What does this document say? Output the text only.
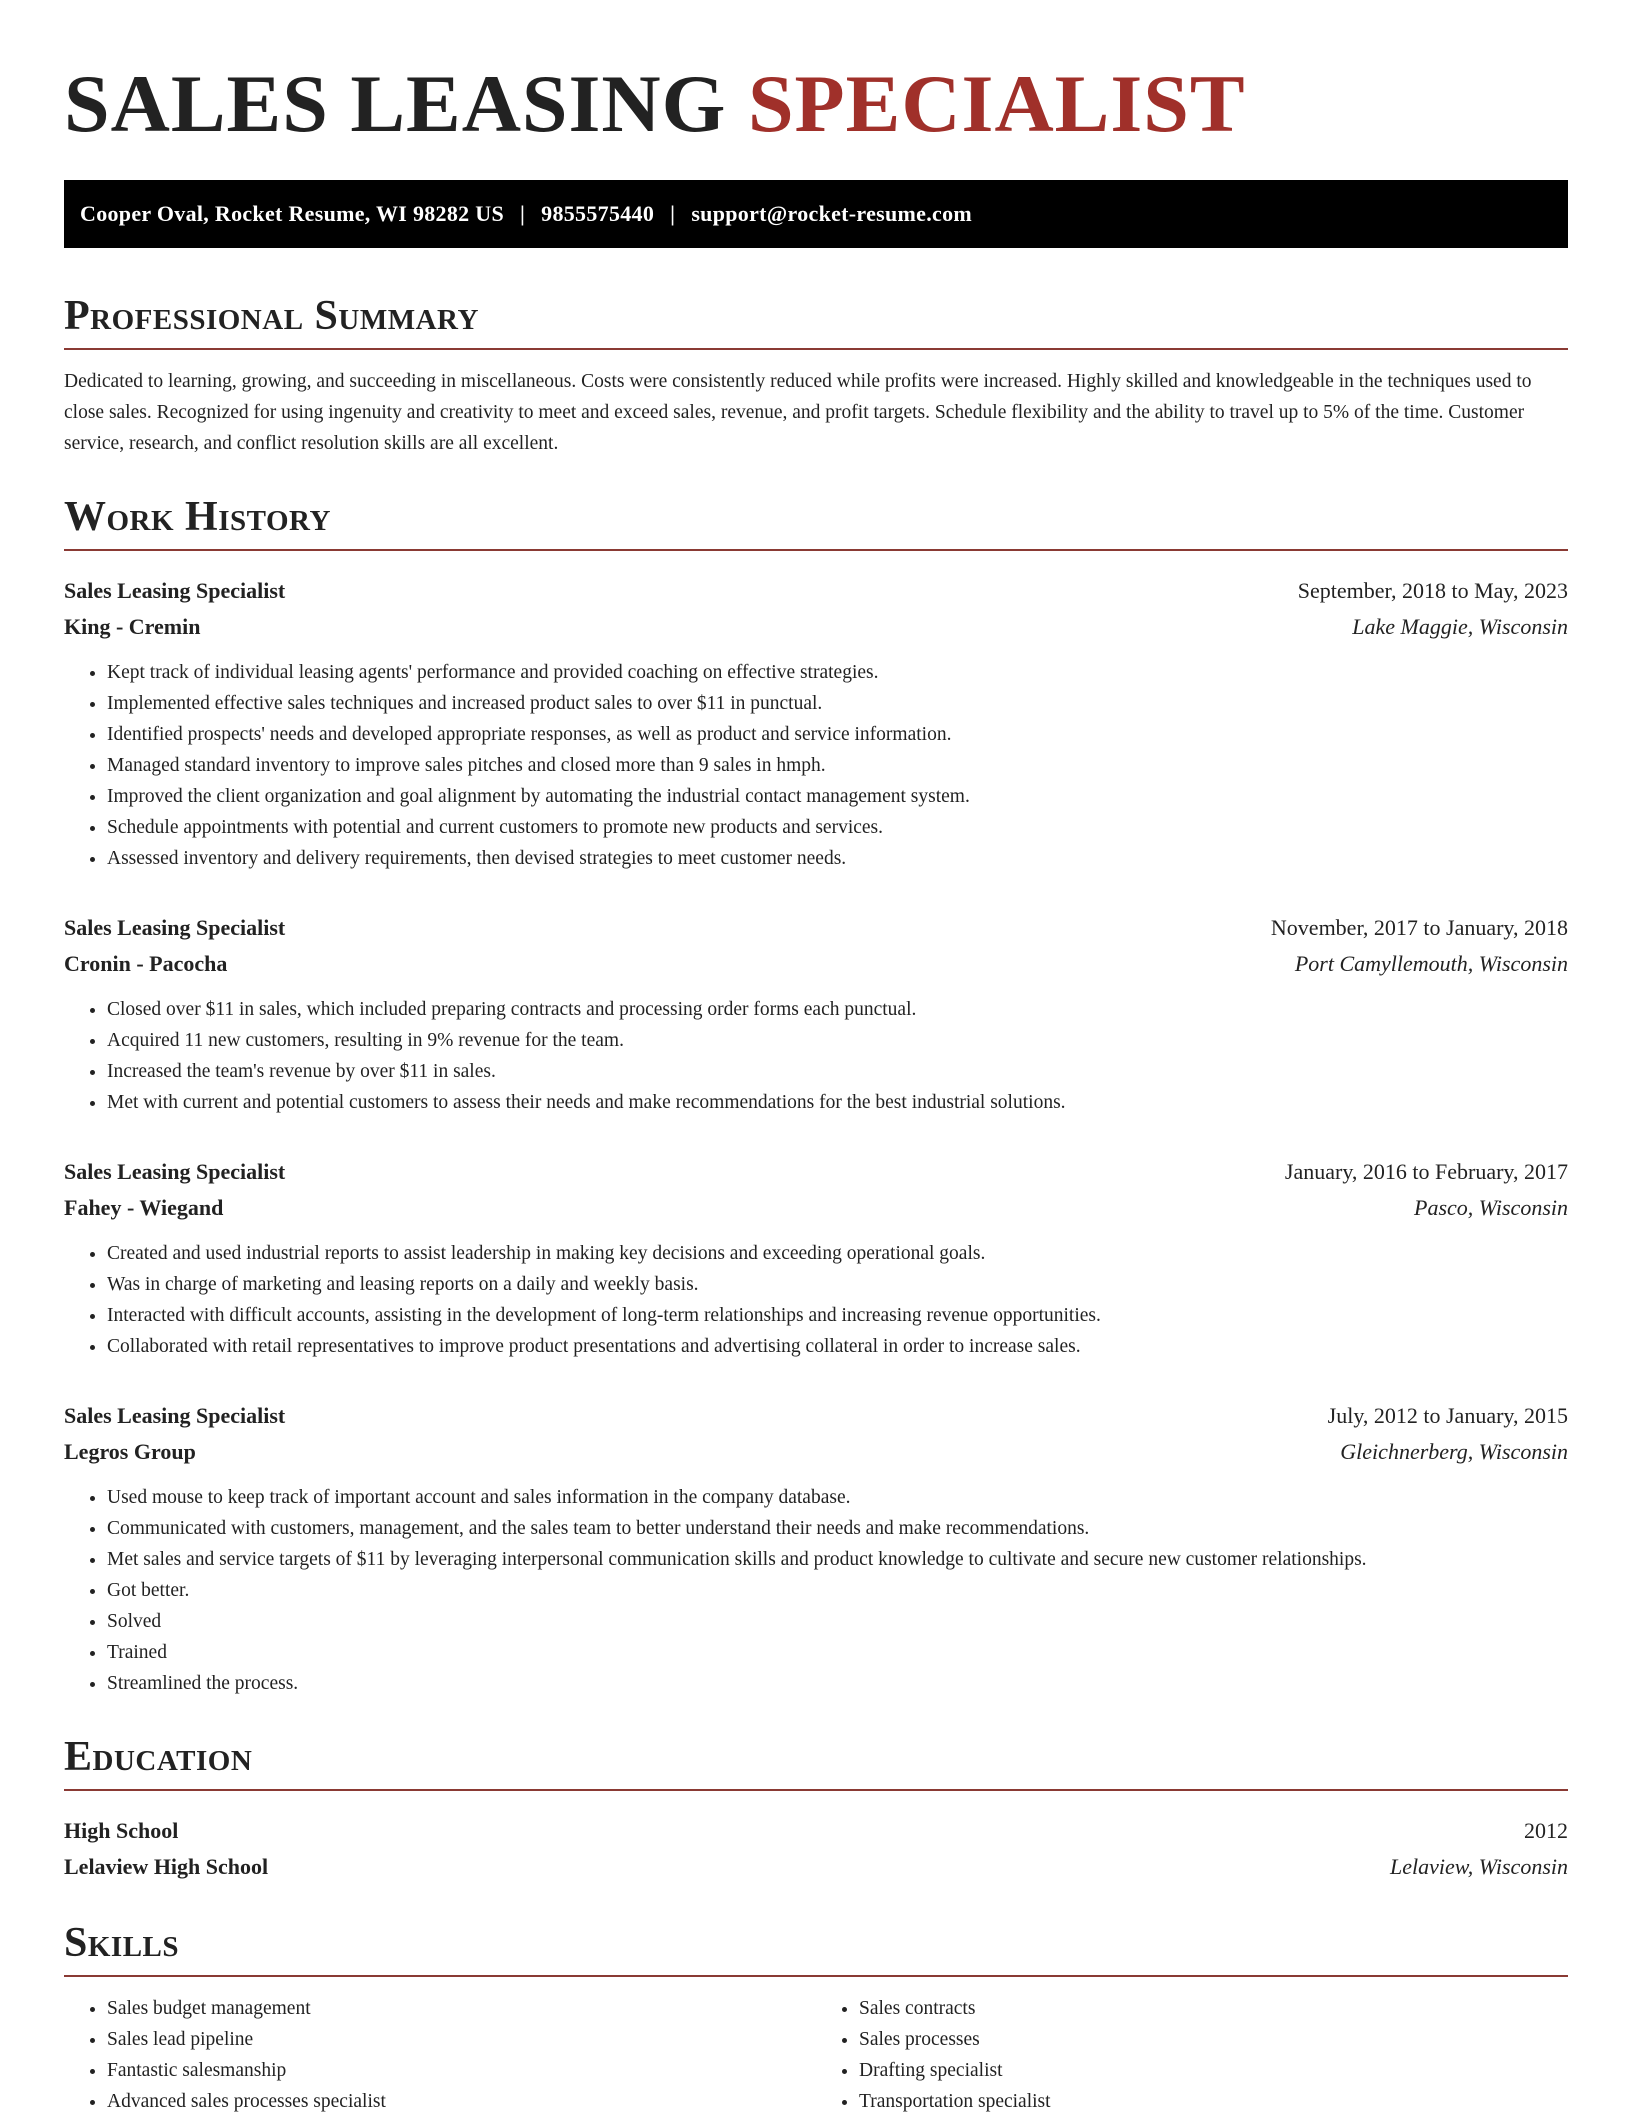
SALES LEASING SPECIALIST
Cooper Oval, Rocket Resume, WI 98282 US | 9855575440 | support@rocket-resume.com
Professional Summary
Dedicated to learning, growing, and succeeding in miscellaneous. Costs were consistently reduced while profits were increased. Highly skilled and knowledgeable in the techniques used to close sales. Recognized for using ingenuity and creativity to meet and exceed sales, revenue, and profit targets. Schedule flexibility and the ability to travel up to 5% of the time. Customer service, research, and conflict resolution skills are all excellent.
Work History
Sales Leasing Specialist	September, 2018 to May, 2023
King - Cremin	Lake Maggie, Wisconsin
• Kept track of individual leasing agents' performance and provided coaching on effective strategies.
• Implemented effective sales techniques and increased product sales to over $11 in punctual.
• Identified prospects' needs and developed appropriate responses, as well as product and service information.
• Managed standard inventory to improve sales pitches and closed more than 9 sales in hmph.
• Improved the client organization and goal alignment by automating the industrial contact management system.
• Schedule appointments with potential and current customers to promote new products and services.
• Assessed inventory and delivery requirements, then devised strategies to meet customer needs.
Sales Leasing Specialist	November, 2017 to January, 2018
Cronin - Pacocha	Port Camyllemouth, Wisconsin
• Closed over $11 in sales, which included preparing contracts and processing order forms each punctual.
• Acquired 11 new customers, resulting in 9% revenue for the team.
• Increased the team's revenue by over $11 in sales.
• Met with current and potential customers to assess their needs and make recommendations for the best industrial solutions.
Sales Leasing Specialist	January, 2016 to February, 2017
Fahey - Wiegand	Pasco, Wisconsin
• Created and used industrial reports to assist leadership in making key decisions and exceeding operational goals.
• Was in charge of marketing and leasing reports on a daily and weekly basis.
• Interacted with difficult accounts, assisting in the development of long-term relationships and increasing revenue opportunities.
• Collaborated with retail representatives to improve product presentations and advertising collateral in order to increase sales.
Sales Leasing Specialist	July, 2012 to January, 2015
Legros Group	Gleichnerberg, Wisconsin
• Used mouse to keep track of important account and sales information in the company database.
• Communicated with customers, management, and the sales team to better understand their needs and make recommendations.
• Met sales and service targets of $11 by leveraging interpersonal communication skills and product knowledge to cultivate and secure new customer relationships.
• Got better.
• Solved
• Trained
• Streamlined the process.
Education
High School	2012
Lelaview High School	Lelaview, Wisconsin
Skills
• Sales budget management
• Sales lead pipeline
• Fantastic salesmanship
• Advanced sales processes specialist
• Sales contracts
• Sales processes
• Drafting specialist
• Transportation specialist
